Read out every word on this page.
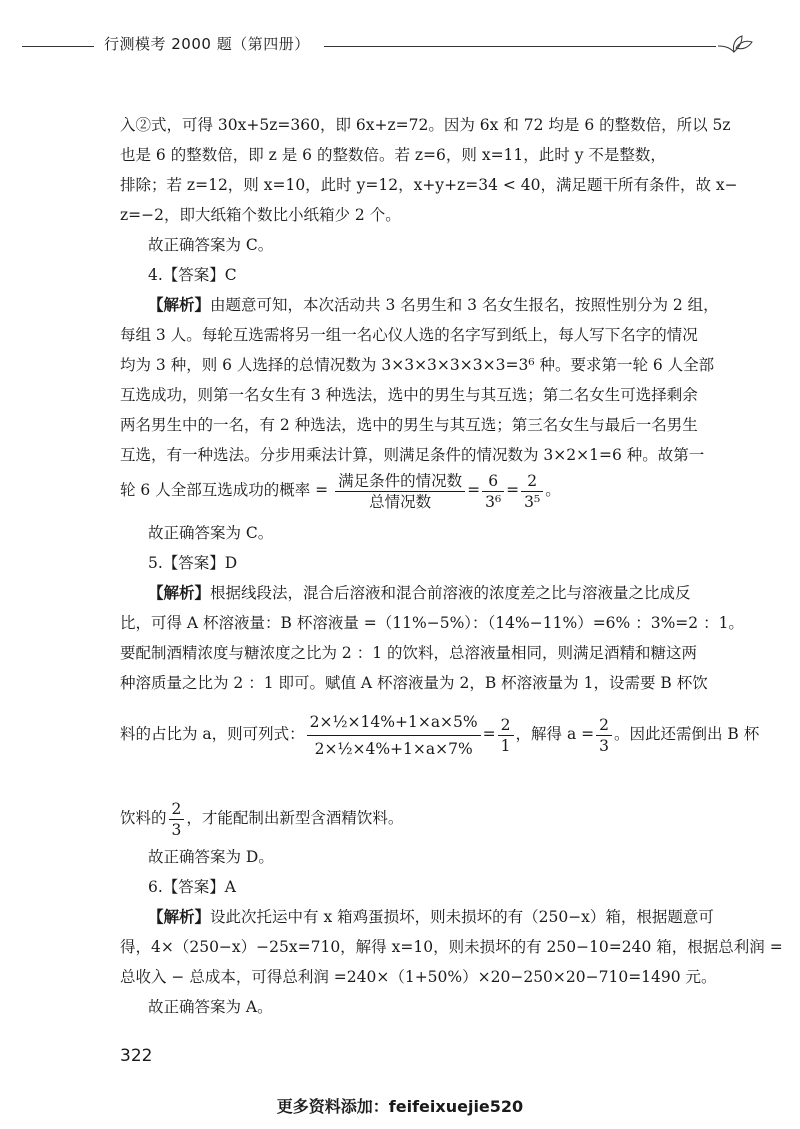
行测模考 2000 题（第四册）
入②式，可得 30x+5z=360，即 6x+z=72。因为 6x 和 72 均是 6 的整数倍，所以 5z
也是 6 的整数倍，即 z 是 6 的整数倍。若 z=6，则 x=11，此时 y 不是整数，
排除；若 z=12，则 x=10，此时 y=12，x+y+z=34 < 40，满足题干所有条件，故 x−
z=−2，即大纸箱个数比小纸箱少 2 个。
故正确答案为 C。
4.【答案】C
【解析】由题意可知，本次活动共 3 名男生和 3 名女生报名，按照性别分为 2 组，
每组 3 人。每轮互选需将另一组一名心仪人选的名字写到纸上，每人写下名字的情况
均为 3 种，则 6 人选择的总情况数为 3×3×3×3×3×3=3⁶ 种。要求第一轮 6 人全部
互选成功，则第一名女生有 3 种选法，选中的男生与其互选；第二名女生可选择剩余
两名男生中的一名，有 2 种选法，选中的男生与其互选；第三名女生与最后一名男生
互选，有一种选法。分步用乘法计算，则满足条件的情况数为 3×2×1=6 种。故第一
轮 6 人全部互选成功的概率 = $\frac{\text{满足条件的情况数}}{\text{总情况数}} = \frac{6}{\text{3⁶}} = \frac{2}{\text{3⁵}}$ 。
故正确答案为 C。
5.【答案】D
【解析】根据线段法，混合后溶液和混合前溶液的浓度差之比与溶液量之比成反
比，可得 A 杯溶液量：B 杯溶液量 =（11%−5%）：（14%−11%）=6% ：3%=2 ：1。
要配制酒精浓度与糖浓度之比为 2 ：1 的饮料，总溶液量相同，则满足酒精和糖这两
种溶质量之比为 2 ：1 即可。赋值 A 杯溶液量为 2，B 杯溶液量为 1，设需要 B 杯饮
料的占比为 a，则可列式： $\frac{\text{2×½×14\%+1×a×5\%}}{\text{2×½×4\%+1×a×7\%}} = \frac{2}{1}$ ，解得 $a = \frac{2}{3}$ 。因此还需倒出 B 杯
饮料的 $\frac{2}{3}$ ，才能配制出新型含酒精饮料。
故正确答案为 D。
6.【答案】A
【解析】设此次托运中有 x 箱鸡蛋损坏，则未损坏的有（250−x）箱，根据题意可
得，4×（250−x）−25x=710，解得 x=10，则未损坏的有 250−10=240 箱，根据总利润 =
总收入 − 总成本，可得总利润 =240×（1+50%）×20−250×20−710=1490 元。
故正确答案为 A。
322
更多资料添加：feifeixuejie520
